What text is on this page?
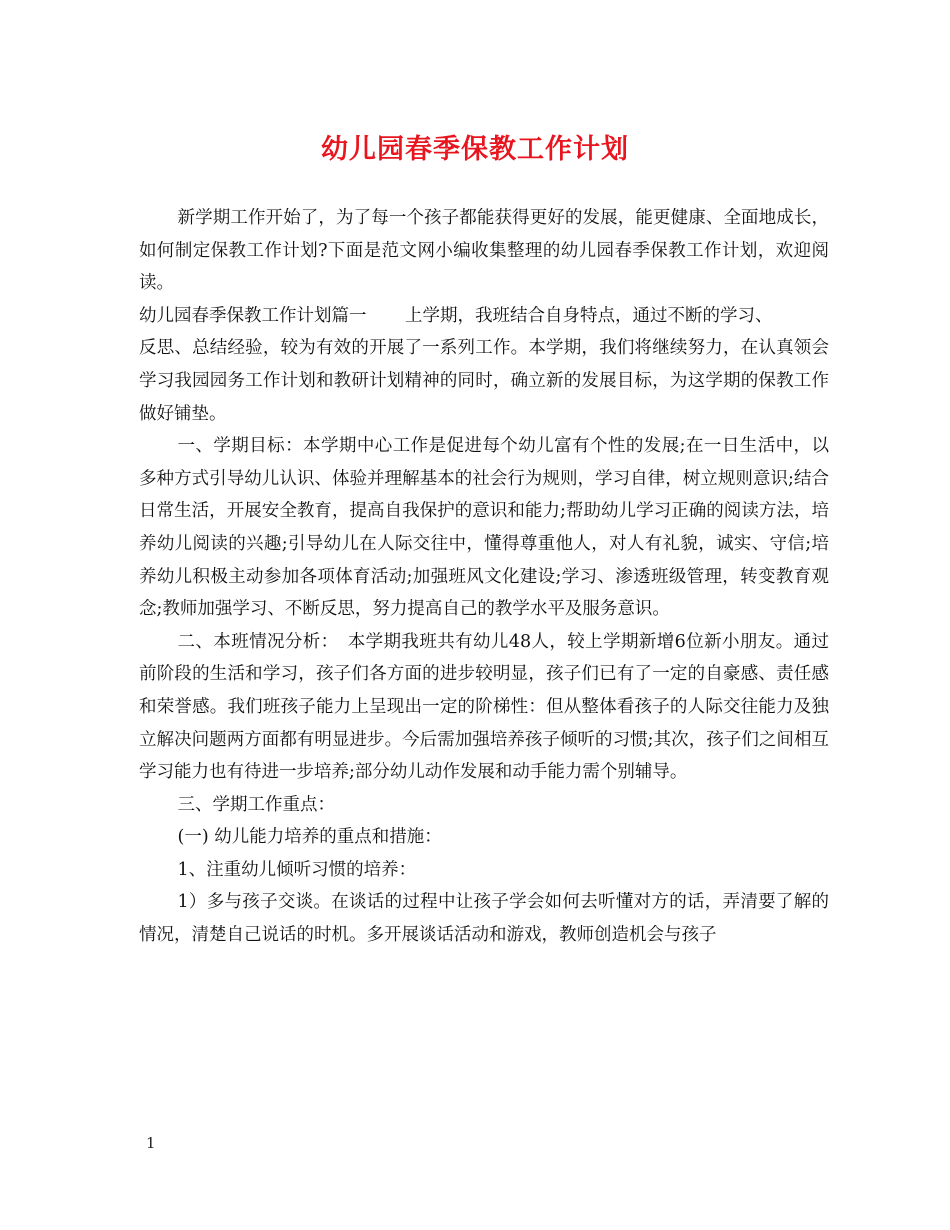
幼儿园春季保教工作计划

新学期工作开始了，为了每一个孩子都能获得更好的发展，能更健康、全面地成长，如何制定保教工作计划?下面是范文网小编收集整理的幼儿园春季保教工作计划，欢迎阅读。

幼儿园春季保教工作计划篇一 上学期，我班结合自身特点，通过不断的学习、

反思、总结经验，较为有效的开展了一系列工作。本学期，我们将继续努力，在认真领会学习我园园务工作计划和教研计划精神的同时，确立新的发展目标，为这学期的保教工作做好铺垫。

一、学期目标：本学期中心工作是促进每个幼儿富有个性的发展;在一日生活中，以多种方式引导幼儿认识、体验并理解基本的社会行为规则，学习自律，树立规则意识;结合日常生活，开展安全教育，提高自我保护的意识和能力;帮助幼儿学习正确的阅读方法，培养幼儿阅读的兴趣;引导幼儿在人际交往中，懂得尊重他人，对人有礼貌，诚实、守信;培养幼儿积极主动参加各项体育活动;加强班风文化建设;学习、渗透班级管理，转变教育观念;教师加强学习、不断反思，努力提高自己的教学水平及服务意识。

二、本班情况分析：　本学期我班共有幼儿48人，较上学期新增6位新小朋友。通过前阶段的生活和学习，孩子们各方面的进步较明显，孩子们已有了一定的自豪感、责任感和荣誉感。我们班孩子能力上呈现出一定的阶梯性：但从整体看孩子的人际交往能力及独立解决问题两方面都有明显进步。今后需加强培养孩子倾听的习惯;其次，孩子们之间相互学习能力也有待进一步培养;部分幼儿动作发展和动手能力需个别辅导。

三、学期工作重点：

(一) 幼儿能力培养的重点和措施：

1、注重幼儿倾听习惯的培养：

1）多与孩子交谈。在谈话的过程中让孩子学会如何去听懂对方的话，弄清要了解的情况，清楚自己说话的时机。多开展谈话活动和游戏，教师创造机会与孩子

1
